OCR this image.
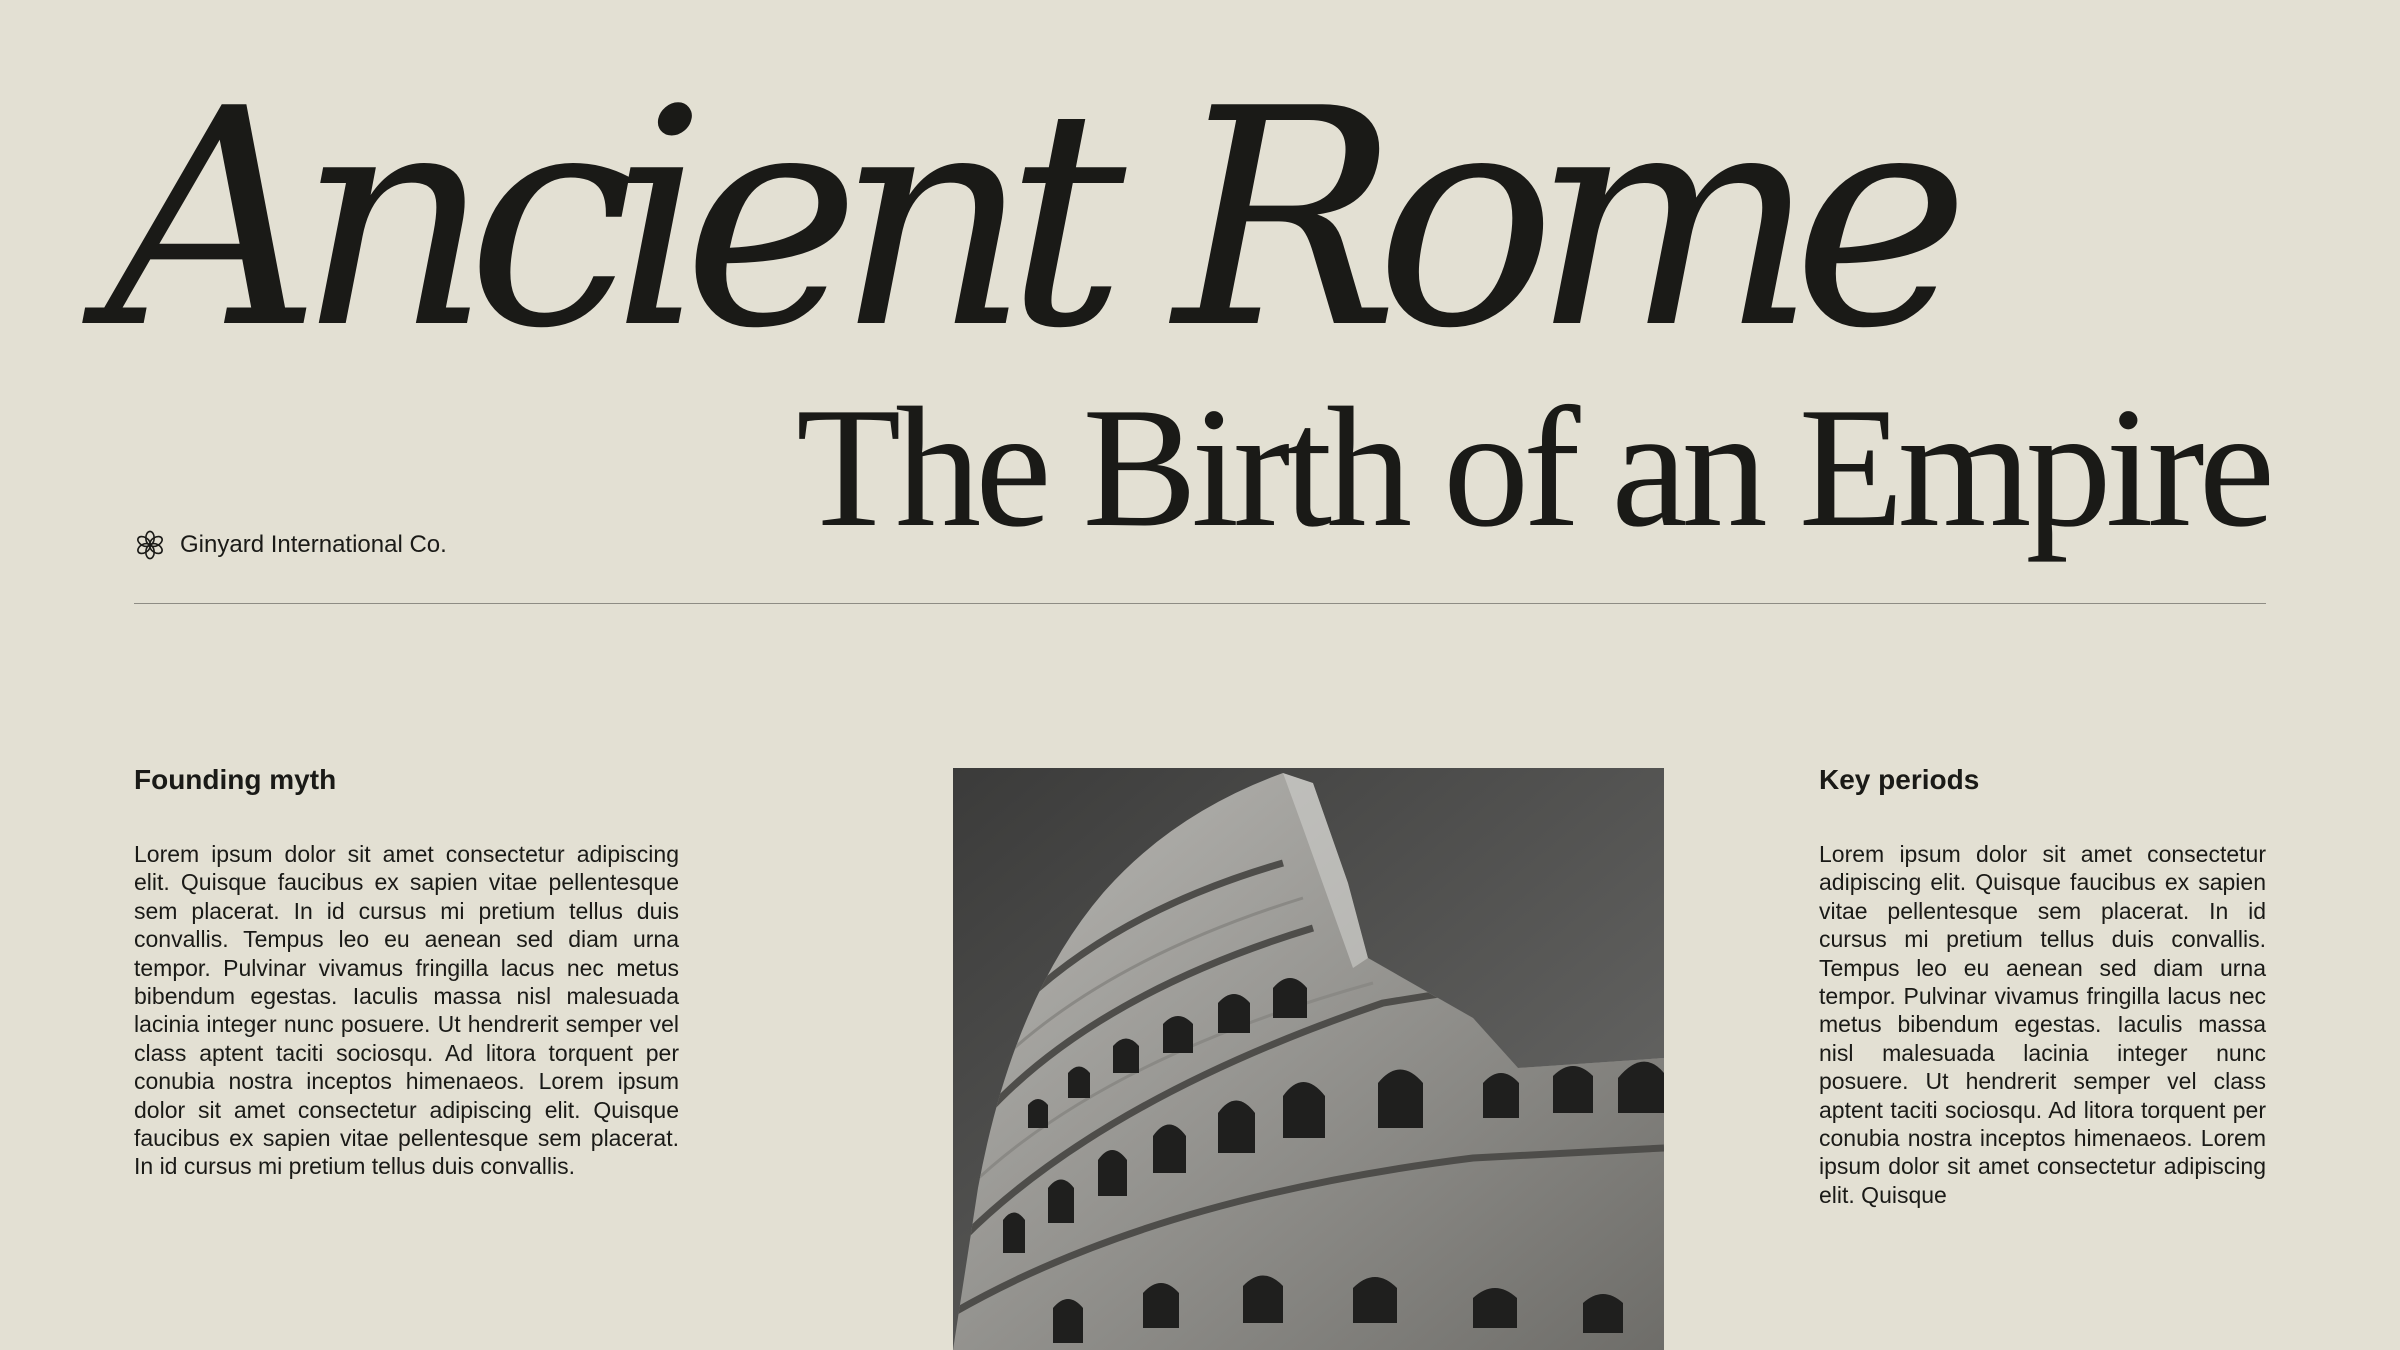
Ancient Rome
The Birth of an Empire
Ginyard International Co.
Founding myth

Lorem ipsum dolor sit amet consectetur adipiscing elit. Quisque faucibus ex sapien vitae pellentesque sem placerat. In id cursus mi pretium tellus duis convallis. Tempus leo eu aenean sed diam urna tempor. Pulvinar vivamus fringilla lacus nec metus bibendum egestas. Iaculis massa nisl malesuada lacinia integer nunc posuere. Ut hendrerit semper vel class aptent taciti sociosqu. Ad litora torquent per conubia nostra inceptos himenaeos. Lorem ipsum dolor sit amet consectetur adipiscing elit. Quisque faucibus ex sapien vitae pellentesque sem placerat. In id cursus mi pretium tellus duis convallis.

Key periods

Lorem ipsum dolor sit amet consectetur adipiscing elit. Quisque faucibus ex sapien vitae pellentesque sem placerat. In id cursus mi pretium tellus duis convallis. Tempus leo eu aenean sed diam urna tempor. Pulvinar vivamus fringilla lacus nec metus bibendum egestas. Iaculis massa nisl malesuada lacinia integer nunc posuere. Ut hendrerit semper vel class aptent taciti sociosqu. Ad litora torquent per conubia nostra inceptos himenaeos. Lorem ipsum dolor sit amet consectetur adipiscing elit. Quisque
